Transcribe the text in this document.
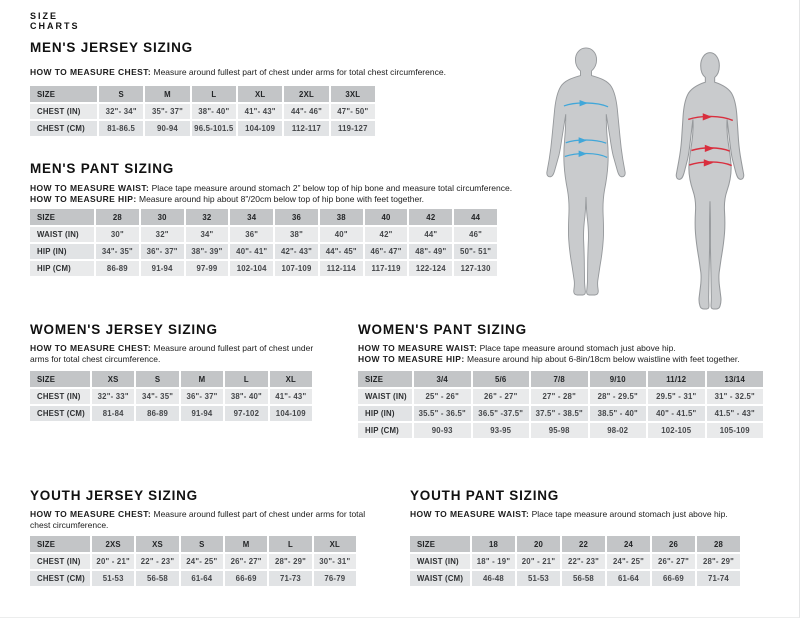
SIZE
CHARTS
MEN'S JERSEY SIZING
HOW TO MEASURE CHEST: Measure around fullest part of chest under arms for total chest circumference.
SIZE	S	M	L	XL	2XL	3XL
CHEST (IN)	32"- 34"	35"- 37"	38"- 40"	41"- 43"	44"- 46"	47"- 50"
CHEST (CM)	81-86.5	90-94	96.5-101.5	104-109	112-117	119-127
MEN'S PANT SIZING
HOW TO MEASURE WAIST: Place tape measure around stomach 2” below top of hip bone and measure total circumference.
HOW TO MEASURE HIP: Measure around hip about 8”/20cm below top of hip bone with feet together.
SIZE	28	30	32	34	36	38	40	42	44
WAIST (IN)	30"	32"	34"	36"	38"	40"	42"	44"	46"
HIP (IN)	34"- 35"	36"- 37"	38"- 39"	40"- 41"	42"- 43"	44"- 45"	46"- 47"	48"- 49"	50"- 51"
HIP (CM)	86-89	91-94	97-99	102-104	107-109	112-114	117-119	122-124	127-130
WOMEN'S JERSEY SIZING
HOW TO MEASURE CHEST: Measure around fullest part of chest under arms for total chest circumference.
SIZE	XS	S	M	L	XL
CHEST (IN)	32"- 33"	34"- 35"	36"- 37"	38"- 40"	41"- 43"
CHEST (CM)	81-84	86-89	91-94	97-102	104-109
WOMEN'S PANT SIZING
HOW TO MEASURE WAIST: Place tape measure around stomach just above hip.
HOW TO MEASURE HIP: Measure around hip about 6-8in/18cm below waistline with feet together.
SIZE	3/4	5/6	7/8	9/10	11/12	13/14
WAIST (IN)	25" - 26"	26" - 27"	27" - 28"	28" - 29.5"	29.5" - 31"	31" - 32.5"
HIP (IN)	35.5" - 36.5"	36.5" -37.5"	37.5" - 38.5"	38.5" - 40"	40" - 41.5"	41.5" - 43"
HIP (CM)	90-93	93-95	95-98	98-02	102-105	105-109
YOUTH JERSEY SIZING
HOW TO MEASURE CHEST: Measure around fullest part of chest under arms for total chest circumference.
SIZE	2XS	XS	S	M	L	XL
CHEST (IN)	20" - 21"	22" - 23"	24"- 25"	26"- 27"	28"- 29"	30"- 31"
CHEST (CM)	51-53	56-58	61-64	66-69	71-73	76-79
YOUTH PANT SIZING
HOW TO MEASURE WAIST: Place tape measure around stomach just above hip.
SIZE	18	20	22	24	26	28
WAIST (IN)	18" - 19"	20" - 21"	22"- 23"	24"- 25"	26"- 27"	28"- 29"
WAIST (CM)	46-48	51-53	56-58	61-64	66-69	71-74
